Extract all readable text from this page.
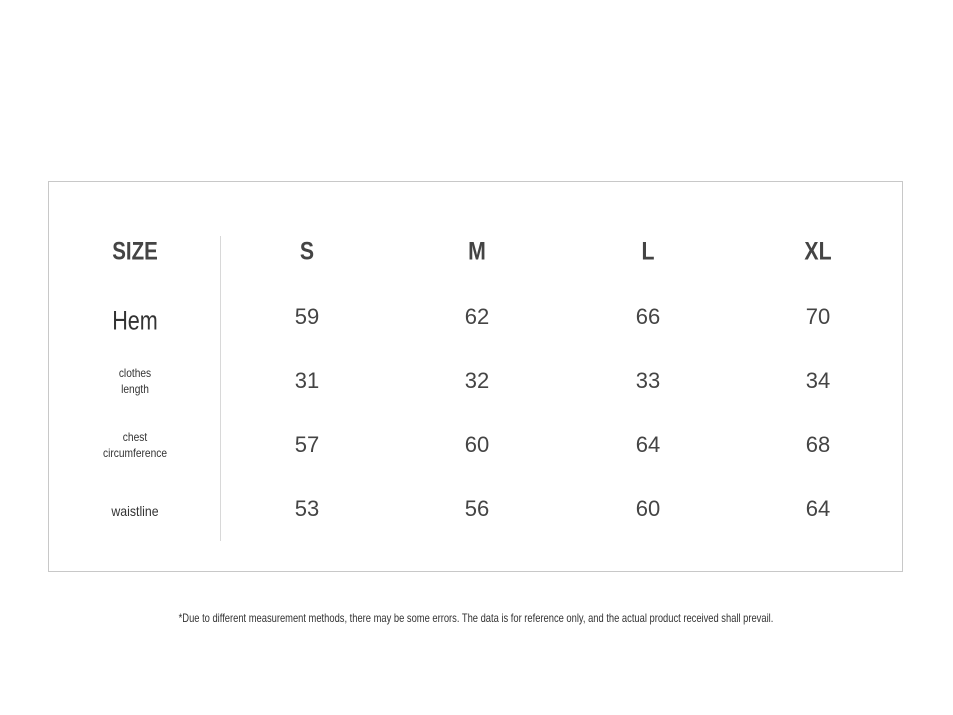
SIZE	S	M	L	XL
Hem	59	62	66	70
clothes
length	31	32	33	34
chest
circumference	57	60	64	68
waistline	53	56	60	64
*Due to different measurement methods, there may be some errors. The data is for reference only, and the actual product received shall prevail.
